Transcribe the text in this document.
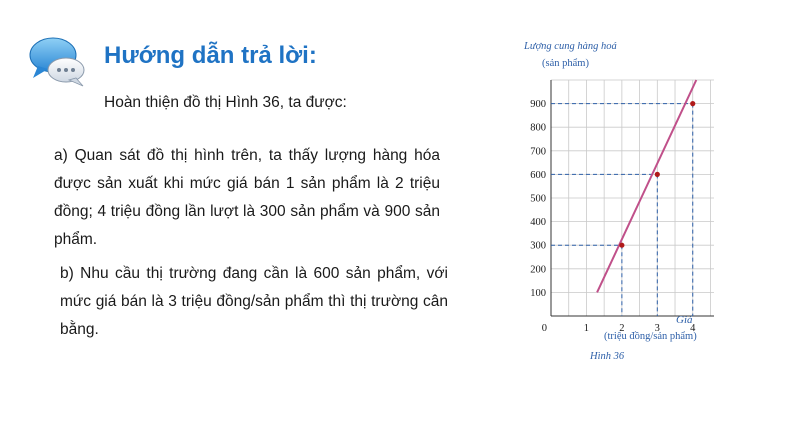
Hướng dẫn trả lời:
Hoàn thiện đồ thị Hình 36, ta được:
a) Quan sát đồ thị hình trên, ta thấy lượng hàng hóa được sản xuất khi mức giá bán 1 sản phẩm là 2 triệu đồng; 4 triệu đồng lần lượt là 300 sản phẩm và 900 sản phẩm.
b) Nhu cầu thị trường đang cần là 600 sản phẩm, với mức giá bán là 3 triệu đồng/sản phẩm thì thị trường cân bằng.
Lượng cung hàng hoá
(sản phẩm)
100
200
300
400
500
600
700
800
900
1	2	3	4
0
Giá
(triệu đồng/sản phẩm)
Hình 36
